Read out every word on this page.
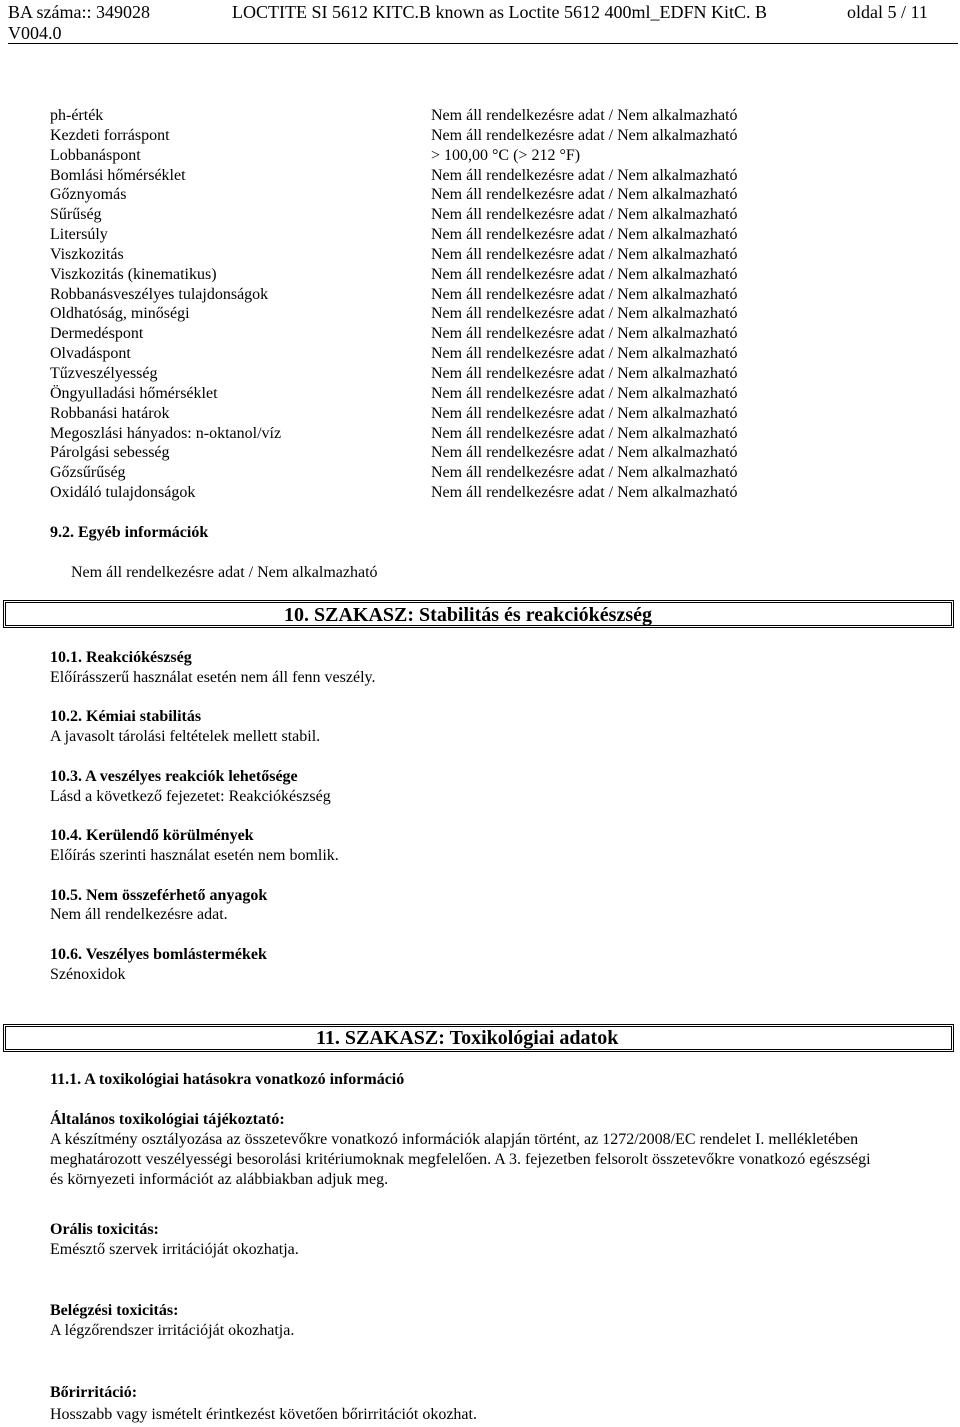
BA száma:: 349028	LOCTITE SI 5612 KITC.B known as Loctite 5612 400ml_EDFN KitC. B	oldal 5 / 11
V004.0
ph-érték	Nem áll rendelkezésre adat / Nem alkalmazható
Kezdeti forráspont	Nem áll rendelkezésre adat / Nem alkalmazható
Lobbanáspont	> 100,00 °C (> 212 °F)
Bomlási hőmérséklet	Nem áll rendelkezésre adat / Nem alkalmazható
Gőznyomás	Nem áll rendelkezésre adat / Nem alkalmazható
Sűrűség	Nem áll rendelkezésre adat / Nem alkalmazható
Litersúly	Nem áll rendelkezésre adat / Nem alkalmazható
Viszkozitás	Nem áll rendelkezésre adat / Nem alkalmazható
Viszkozitás (kinematikus)	Nem áll rendelkezésre adat / Nem alkalmazható
Robbanásveszélyes tulajdonságok	Nem áll rendelkezésre adat / Nem alkalmazható
Oldhatóság, minőségi	Nem áll rendelkezésre adat / Nem alkalmazható
Dermedéspont	Nem áll rendelkezésre adat / Nem alkalmazható
Olvadáspont	Nem áll rendelkezésre adat / Nem alkalmazható
Tűzveszélyesség	Nem áll rendelkezésre adat / Nem alkalmazható
Öngyulladási hőmérséklet	Nem áll rendelkezésre adat / Nem alkalmazható
Robbanási határok	Nem áll rendelkezésre adat / Nem alkalmazható
Megoszlási hányados: n-oktanol/víz	Nem áll rendelkezésre adat / Nem alkalmazható
Párolgási sebesség	Nem áll rendelkezésre adat / Nem alkalmazható
Gőzsűrűség	Nem áll rendelkezésre adat / Nem alkalmazható
Oxidáló tulajdonságok	Nem áll rendelkezésre adat / Nem alkalmazható
9.2. Egyéb információk
Nem áll rendelkezésre adat / Nem alkalmazható
10. SZAKASZ: Stabilitás és reakciókészség
10.1. Reakciókészség
Előírásszerű használat esetén nem áll fenn veszély.
10.2. Kémiai stabilitás
A javasolt tárolási feltételek mellett stabil.
10.3. A veszélyes reakciók lehetősége
Lásd a következő fejezetet: Reakciókészség
10.4. Kerülendő körülmények
Előírás szerinti használat esetén nem bomlik.
10.5. Nem összeférhető anyagok
Nem áll rendelkezésre adat.
10.6. Veszélyes bomlástermékek
Szénoxidok
11. SZAKASZ: Toxikológiai adatok
11.1. A toxikológiai hatásokra vonatkozó információ
Általános toxikológiai tájékoztató:
A készítmény osztályozása az összetevőkre vonatkozó információk alapján történt, az 1272/2008/EC rendelet I. mellékletében
meghatározott veszélyességi besorolási kritériumoknak megfelelően. A 3. fejezetben felsorolt összetevőkre vonatkozó egészségi
és környezeti információt az alábbiakban adjuk meg.
Orális toxicitás:
Emésztő szervek irritációját okozhatja.
Belégzési toxicitás:
A légzőrendszer irritációját okozhatja.
Bőrirritáció:
Hosszabb vagy ismételt érintkezést követően bőrirritációt okozhat.
